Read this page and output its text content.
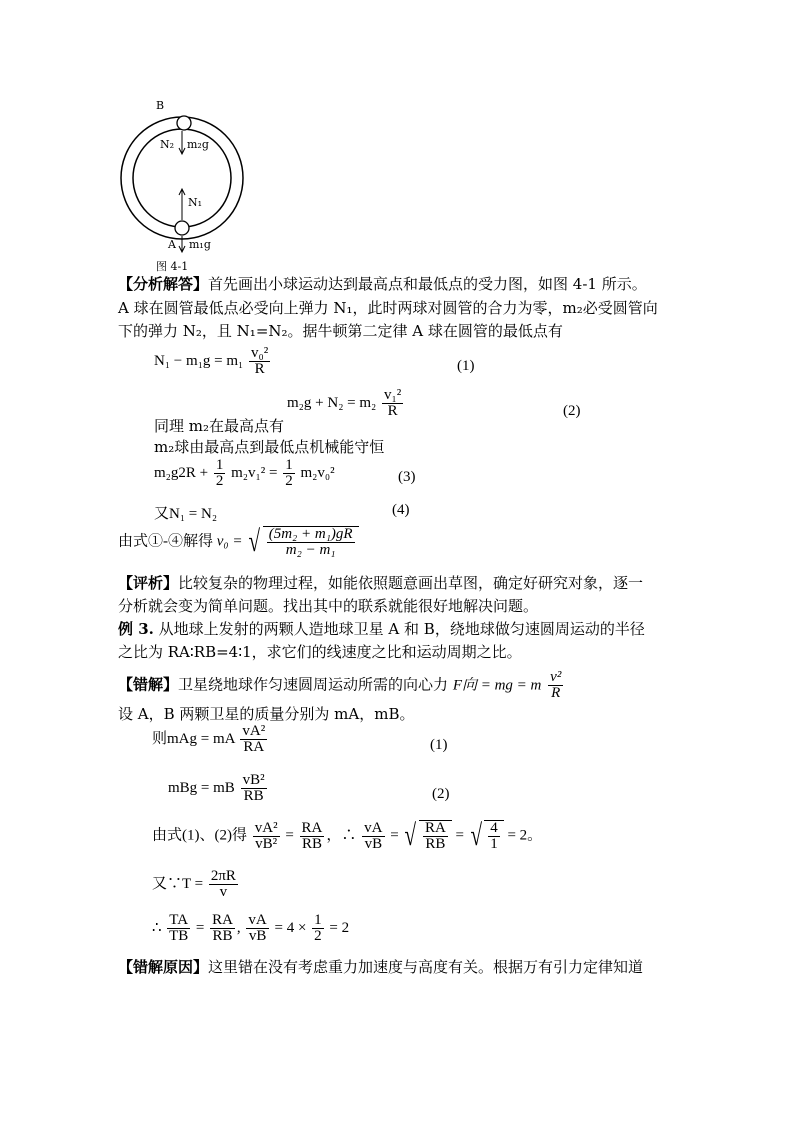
B
N₂ m₂g
N₁
A m₁g
图 4-1
【分析解答】首先画出小球运动达到最高点和最低点的受力图，如图 4-1 所示。
A 球在圆管最低点必受向上弹力 N₁，此时两球对圆管的合力为零，m₂必受圆管向
下的弹力 N₂，且 N₁=N₂。据牛顿第二定律 A 球在圆管的最低点有
$N_1 - m_1g = m_1 \frac{\text{v₀²}}{R}$	(1)
同理 m₂在最高点有
$m_2g + N_2 = m_2 \frac{\text{v₁²}}{R}$	(2)
m₂球由最高点到最低点机械能守恒
$m_2g2R + \frac{1}{2} m_2v_1^2 = \frac{1}{2} m_2v_0^2$	(3)
又N₁ = N₂	(4)
由式①-④解得 v₀ = √ $\frac{\text{(5m₂ + m₁)gR}}{\text{m₂ − m₁}}$
【评析】比较复杂的物理过程，如能依照题意画出草图，确定好研究对象，逐一
分析就会变为简单问题。找出其中的联系就能很好地解决问题。
例 3. 从地球上发射的两颗人造地球卫星 A 和 B，绕地球做匀速圆周运动的半径
之比为 RA∶RB=4∶1，求它们的线速度之比和运动周期之比。
【错解】卫星绕地球作匀速圆周运动所需的向心力 F向 = mg = m $\frac{\text{v²}}{R}$
设 A，B 两颗卫星的质量分别为 mA，mB。
则mAg = mA $\frac{\text{vA²}}{RA}$	(1)
mBg = mB $\frac{\text{vB²}}{RB}$	(2)
由式(1)、(2)得 $\frac{\text{vA²}}{\text{vB²}} = \frac{RA}{RB}$ ，∴ $\frac{vA}{vB}$ = √ $\frac{RA}{RB}$ = √ $\frac{4}{1} = 2$。
又∵T = $\frac{2\pi R}{v}$
∴ $\frac{TA}{TB} = \frac{RA}{RB}$ , $\frac{vA}{vB} = 4 \times \frac{1}{2} = 2$
【错解原因】这里错在没有考虑重力加速度与高度有关。根据万有引力定律知道
